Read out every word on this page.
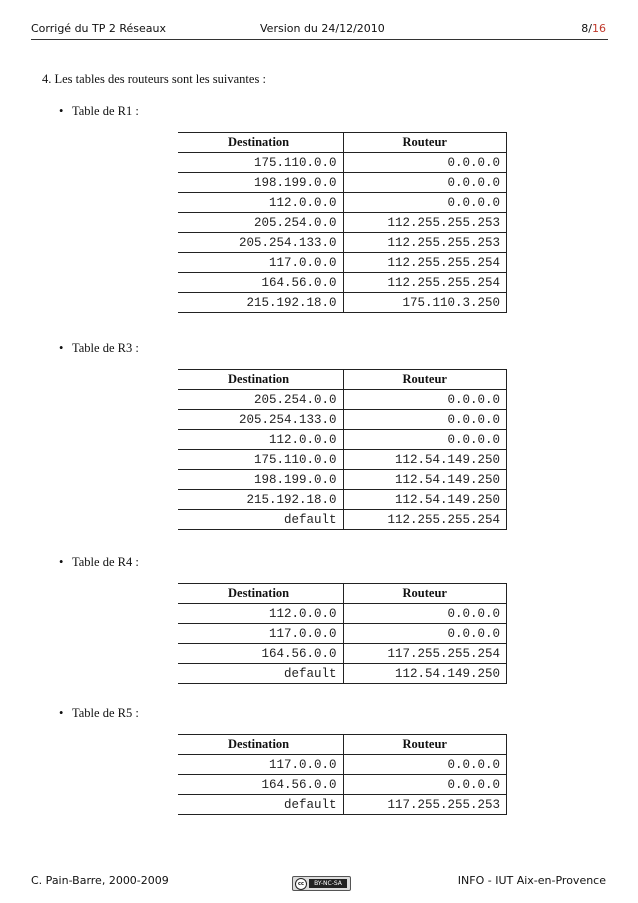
Corrigé du TP 2 Réseaux	Version du 24/12/2010	8/16
4. Les tables des routeurs sont les suivantes :
• Table de R1 :
Destination	Routeur
175.110.0.0	0.0.0.0
198.199.0.0	0.0.0.0
112.0.0.0	0.0.0.0
205.254.0.0	112.255.255.253
205.254.133.0	112.255.255.253
117.0.0.0	112.255.255.254
164.56.0.0	112.255.255.254
215.192.18.0	175.110.3.250
• Table de R3 :
Destination	Routeur
205.254.0.0	0.0.0.0
205.254.133.0	0.0.0.0
112.0.0.0	0.0.0.0
175.110.0.0	112.54.149.250
198.199.0.0	112.54.149.250
215.192.18.0	112.54.149.250
default	112.255.255.254
• Table de R4 :
Destination	Routeur
112.0.0.0	0.0.0.0
117.0.0.0	0.0.0.0
164.56.0.0	117.255.255.254
default	112.54.149.250
• Table de R5 :
Destination	Routeur
117.0.0.0	0.0.0.0
164.56.0.0	0.0.0.0
default	117.255.255.253
C. Pain-Barre, 2000-2009	cc	BY-NC-SA	INFO - IUT Aix-en-Provence
